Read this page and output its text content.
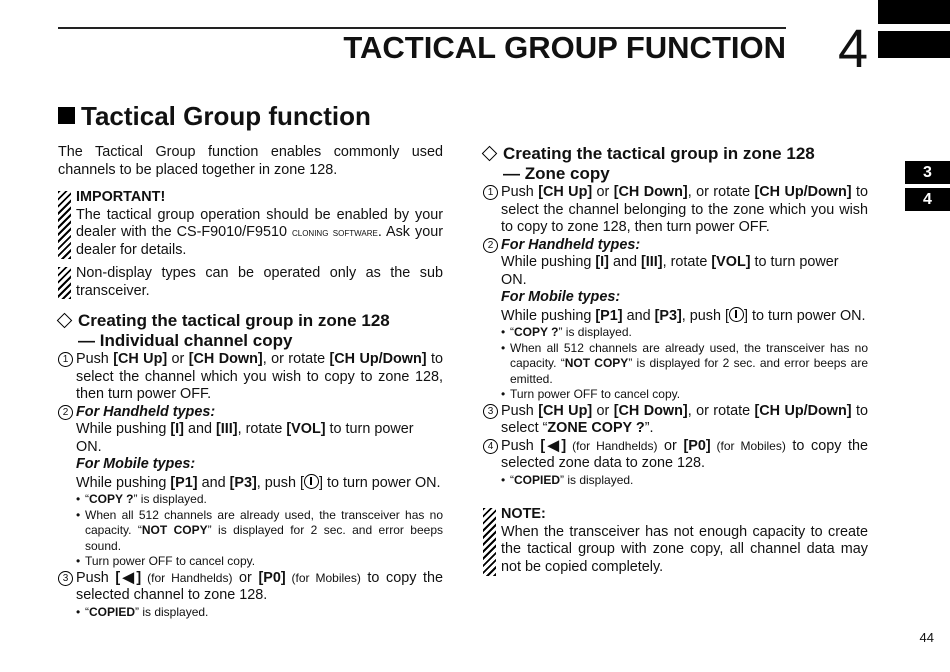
TACTICAL GROUP FUNCTION 4
3
4
Tactical Group function

The Tactical Group function enables commonly used channels to be placed together in zone 128.

IMPORTANT!

The tactical group operation should be enabled by your dealer with the CS-F9010/F9510 cloning software. Ask your dealer for details.

Non-display types can be operated only as the sub transceiver.

Creating the tactical group in zone 128
— Individual channel copy
1 Push [CH Up] or [CH Down], or rotate [CH Up/Down] to select the channel which you wish to copy to zone 128, then turn power OFF.
2 For Handheld types:

While pushing [I] and [III], rotate [VOL] to turn power ON.

For Mobile types:

While pushing [P1] and [P3], push [ ] to turn power ON.

• “COPY ?” is displayed.

• When all 512 channels are already used, the transceiver has no capacity. “NOT COPY” is displayed for 2 sec. and error beeps sound.

• Turn power OFF to cancel copy.

3 Push [◀] (for Handhelds) or [P0] (for Mobiles) to copy the selected channel to zone 128.

• “COPIED” is displayed.

Creating the tactical group in zone 128
— Zone copy
1 Push [CH Up] or [CH Down], or rotate [CH Up/Down] to select the channel belonging to the zone which you wish to copy to zone 128, then turn power OFF.
2 For Handheld types:

While pushing [I] and [III], rotate [VOL] to turn power ON.

For Mobile types:

While pushing [P1] and [P3], push [ ] to turn power ON.

• “COPY ?” is displayed.

• When all 512 channels are already used, the transceiver has no capacity. “NOT COPY” is displayed for 2 sec. and error beeps are emitted.

• Turn power OFF to cancel copy.

3 Push [CH Up] or [CH Down], or rotate [CH Up/Down] to select “ZONE COPY ?”.
4 Push [◀] (for Handhelds) or [P0] (for Mobiles) to copy the selected zone data to zone 128.

• “COPIED” is displayed.

NOTE:

When the transceiver has not enough capacity to create the tactical group with zone copy, all channel data may not be copied completely.

44
